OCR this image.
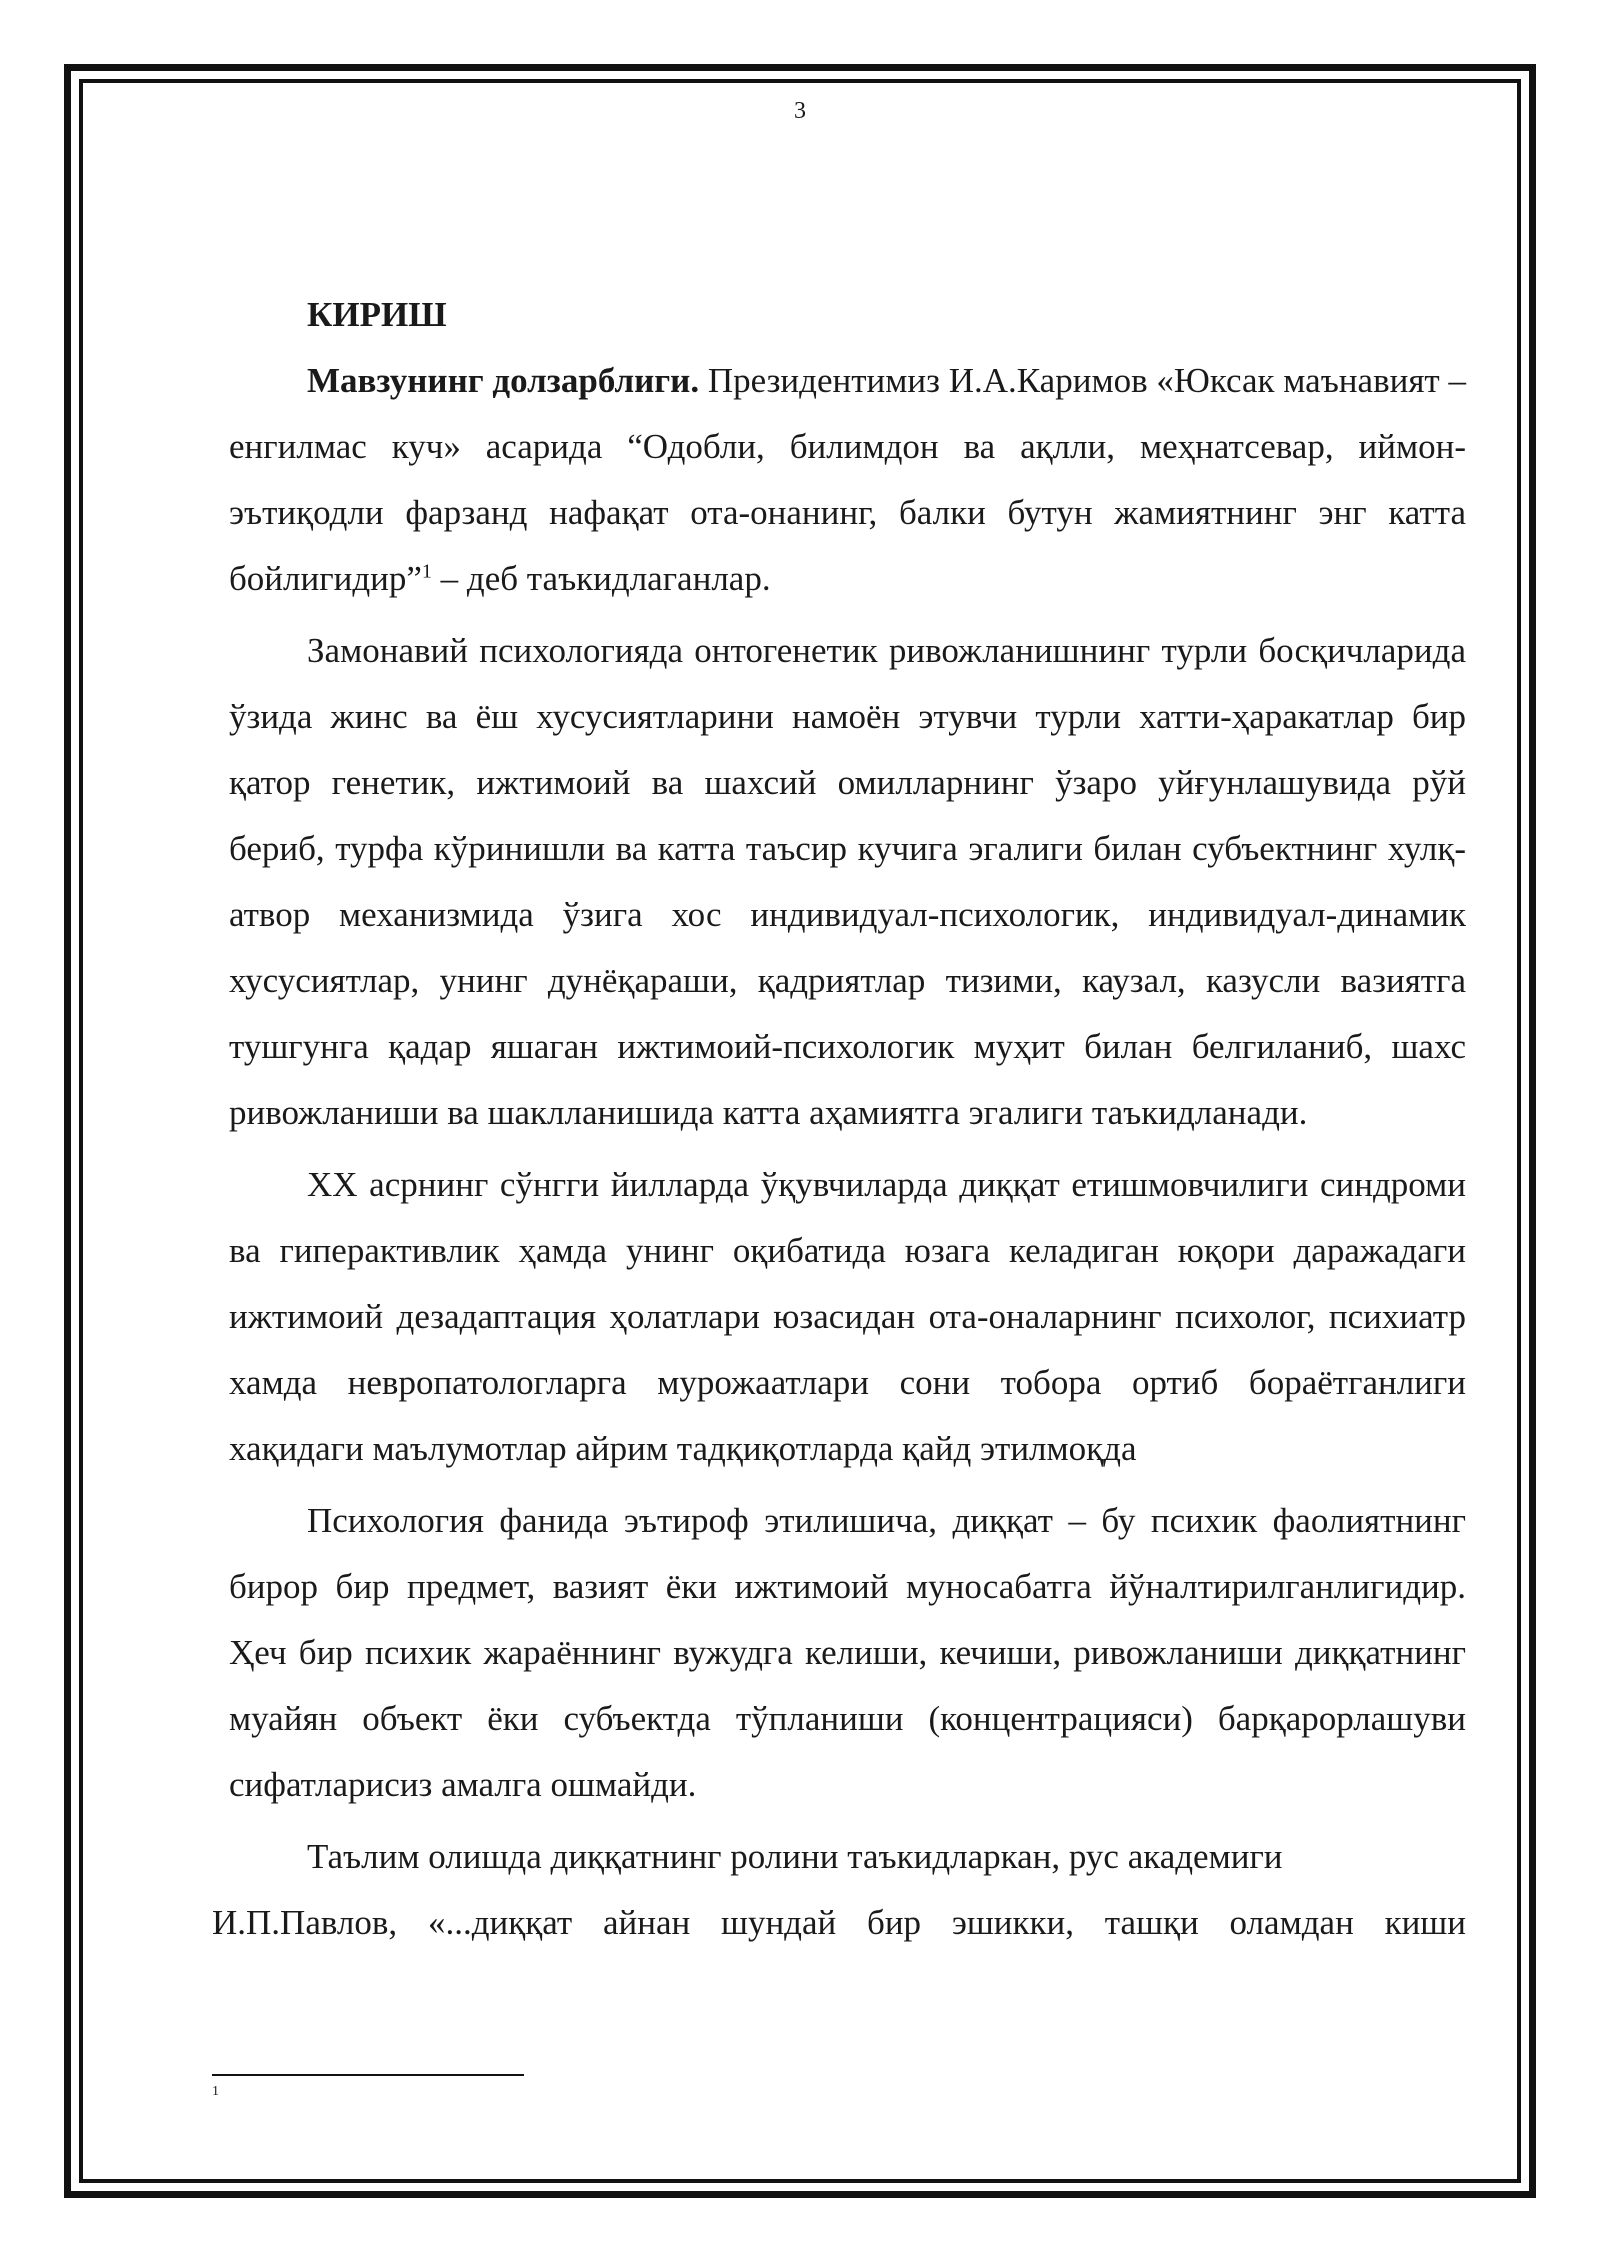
3

КИРИШ

Мавзунинг долзарблиги. Президентимиз И.А.Каримов «Юксак маънавият – енгилмас куч» асарида “Одобли, билимдон ва ақлли, меҳнатсевар, иймон-эътиқодли фарзанд нафақат ота-онанинг, балки бутун жамиятнинг энг катта бойлигидир”$^1$ – деб таъкидлаганлар.

Замонавий психологияда онтогенетик ривожланишнинг турли босқичларида ўзида жинс ва ёш хусусиятларини намоён этувчи турли хатти-ҳаракатлар бир қатор генетик, ижтимоий ва шахсий омилларнинг ўзаро уйғунлашувида рўй бериб, турфа кўринишли ва катта таъсир кучига эгалиги билан субъектнинг хулқ-атвор механизмида ўзига хос индивидуал-психологик, индивидуал-динамик хусусиятлар, унинг дунёқараши, қадриятлар тизими, каузал, казусли вазиятга тушгунга қадар яшаган ижтимоий-психологик муҳит билан белгиланиб, шахс ривожланиши ва шаклланишида катта аҳамиятга эгалиги таъкидланади.

XX асрнинг сўнгги йилларда ўқувчиларда диққат етишмовчилиги синдроми ва гиперактивлик ҳамда унинг оқибатида юзага келадиган юқори даражадаги ижтимоий дезадаптация ҳолатлари юзасидан ота-оналарнинг психолог, психиатр хамда невропатологларга мурожаатлари сони тобора ортиб бораётганлиги хақидаги маълумотлар айрим тадқиқотларда қайд этилмоқда

Психология фанида эътироф этилишича, диққат – бу психик фаолиятнинг бирор бир предмет, вазият ёки ижтимоий муносабатга йўналтирилганлигидир. Ҳеч бир психик жараённинг вужудга келиши, кечиши, ривожланиши диққатнинг муайян объект ёки субъектда тўпланиши (концентрацияси) барқарорлашуви сифатларисиз амалга ошмайди.

Таълим олишда диққатнинг ролини таъкидларкан, рус академиги

И.П.Павлов, «...диққат айнан шундай бир эшикки, ташқи оламдан киши

1
